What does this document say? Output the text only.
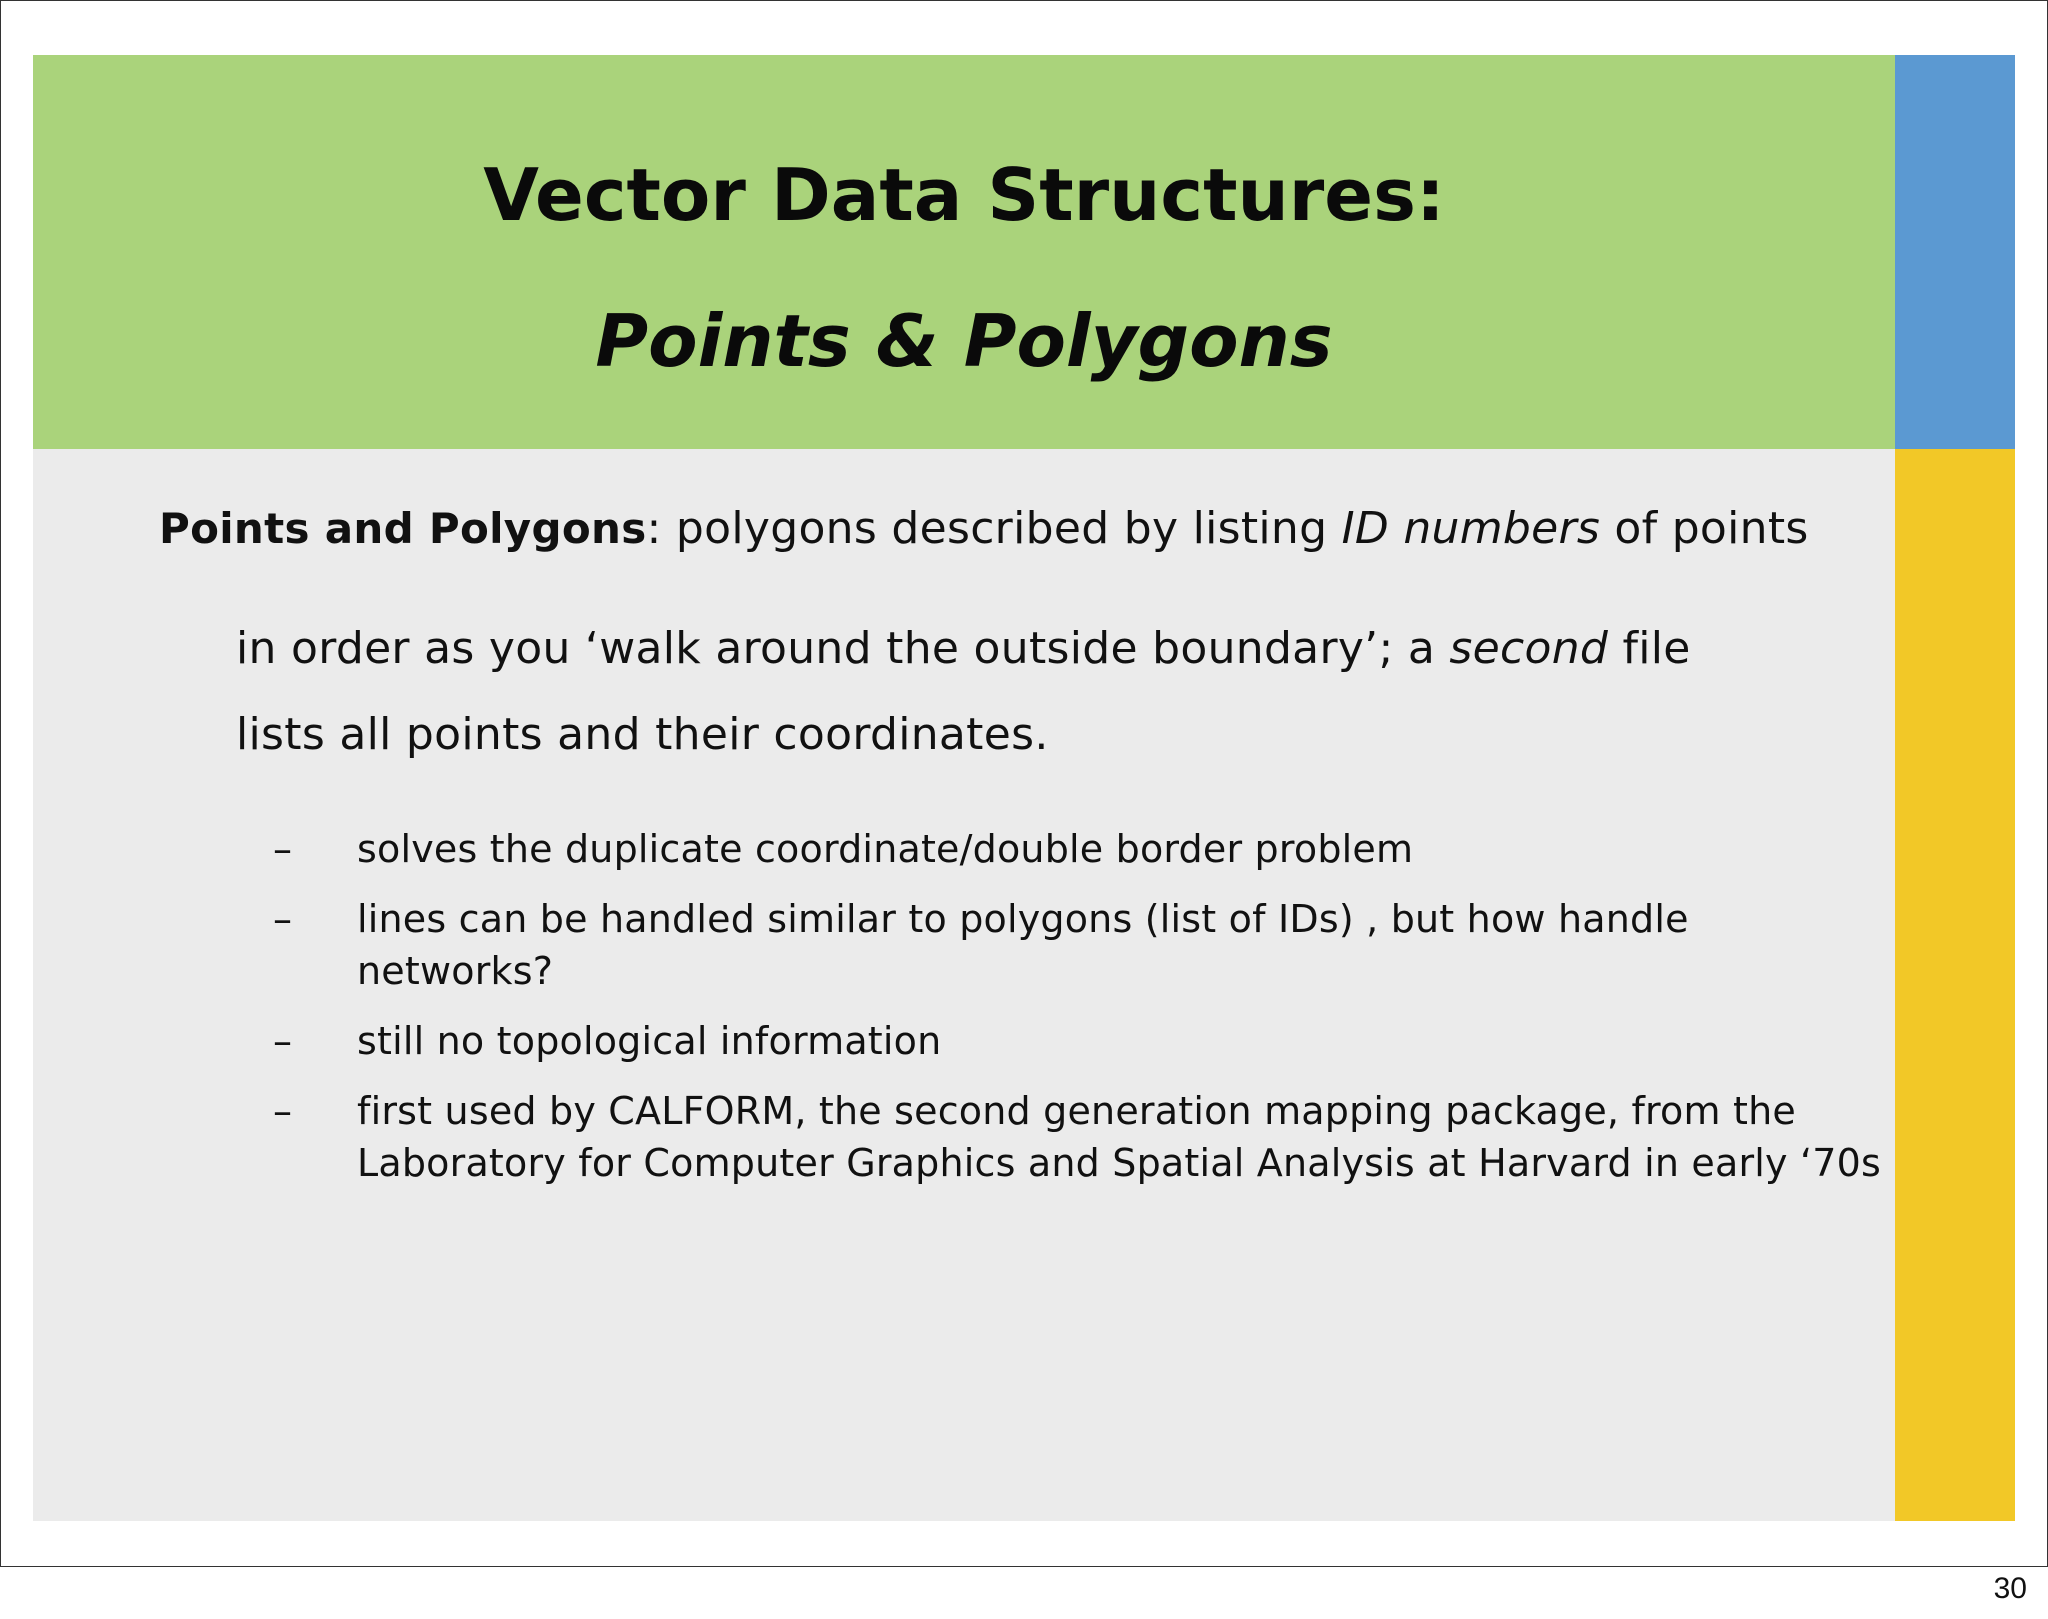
Vector Data Structures:
Points & Polygons
Points and Polygons: polygons described by listing ID numbers of points
in order as you ‘walk around the outside boundary’; a second file
lists all points and their coordinates.
– solves the duplicate coordinate/double border problem
– lines can be handled similar to polygons (list of IDs) , but how handle networks?
– still no topological information
– first used by CALFORM, the second generation mapping package, from the Laboratory for Computer Graphics and Spatial Analysis at Harvard in early ‘70s
30
